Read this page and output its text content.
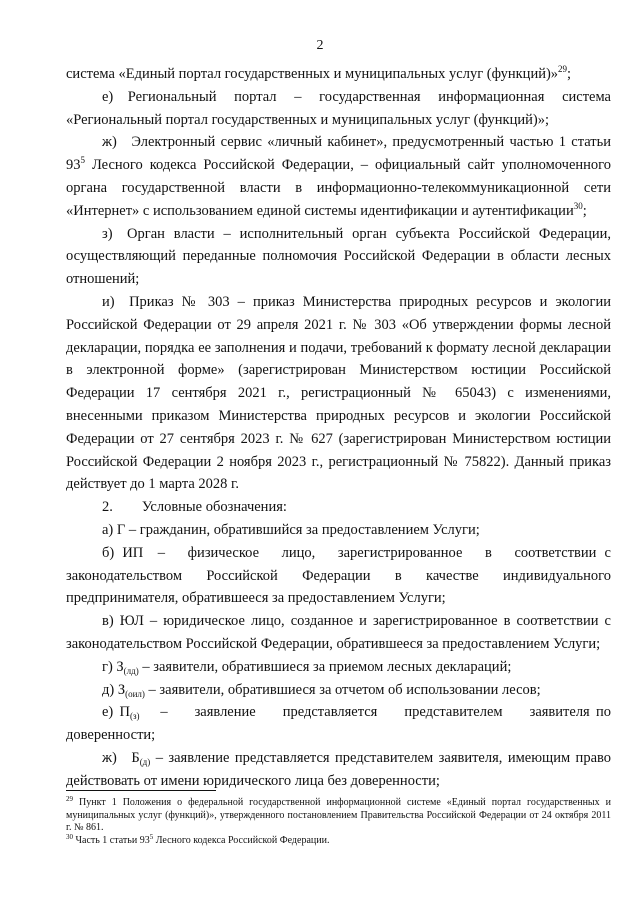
2

система «Единый портал государственных и муниципальных услуг (функций)»$^{29}$;

е) Региональный портал – государственная информационная система «Региональный портал государственных и муниципальных услуг (функций)»;

ж) Электронный сервис «личный кабинет», предусмотренный частью 1 статьи $93^5$ Лесного кодекса Российской Федерации, – официальный сайт уполномоченного органа государственной власти в информационно-телекоммуникационной сети «Интернет» с использованием единой системы идентификации и аутентификации$^{30}$;

з) Орган власти – исполнительный орган субъекта Российской Федерации, осуществляющий переданные полномочия Российской Федерации в области лесных отношений;

и) Приказ № 303 – приказ Министерства природных ресурсов и экологии Российской Федерации от 29 апреля 2021 г. № 303 «Об утверждении формы лесной декларации, порядка ее заполнения и подачи, требований к формату лесной декларации в электронной форме» (зарегистрирован Министерством юстиции Российской Федерации 17 сентября 2021 г., регистрационный № 65043) с изменениями, внесенными приказом Министерства природных ресурсов и экологии Российской Федерации от 27 сентября 2023 г. № 627 (зарегистрирован Министерством юстиции Российской Федерации 2 ноября 2023 г., регистрационный № 75822). Данный приказ действует до 1 марта 2028 г.

2.  Условные обозначения:

а) Г – гражданин, обратившийся за предоставлением Услуги;

б) ИП –  физическое  лицо,  зарегистрированное  в  соответствии с законодательством Российской Федерации в качестве индивидуального предпринимателя, обратившееся за предоставлением Услуги;

в) ЮЛ – юридическое лицо, созданное и зарегистрированное в соответствии с законодательством Российской Федерации, обратившееся за предоставлением Услуги;

г) $З_{(лд)}$ – заявители, обратившиеся за приемом лесных деклараций;

д) $З_{(оил)}$ – заявители, обратившиеся за отчетом об использовании лесов;

е) $П_{(з)}$  –   заявление   представляется   представителем   заявителя по доверенности;

ж) $Б_{(д)}$ – заявление представляется представителем заявителя, имеющим право действовать от имени юридического лица без доверенности;

$^{29}$ Пункт 1 Положения о федеральной государственной информационной системе «Единый портал государственных и муниципальных услуг (функций)», утвержденного постановлением Правительства Российской Федерации от 24 октября 2011 г. № 861.

$^{30}$ Часть 1 статьи $93^5$ Лесного кодекса Российской Федерации.
